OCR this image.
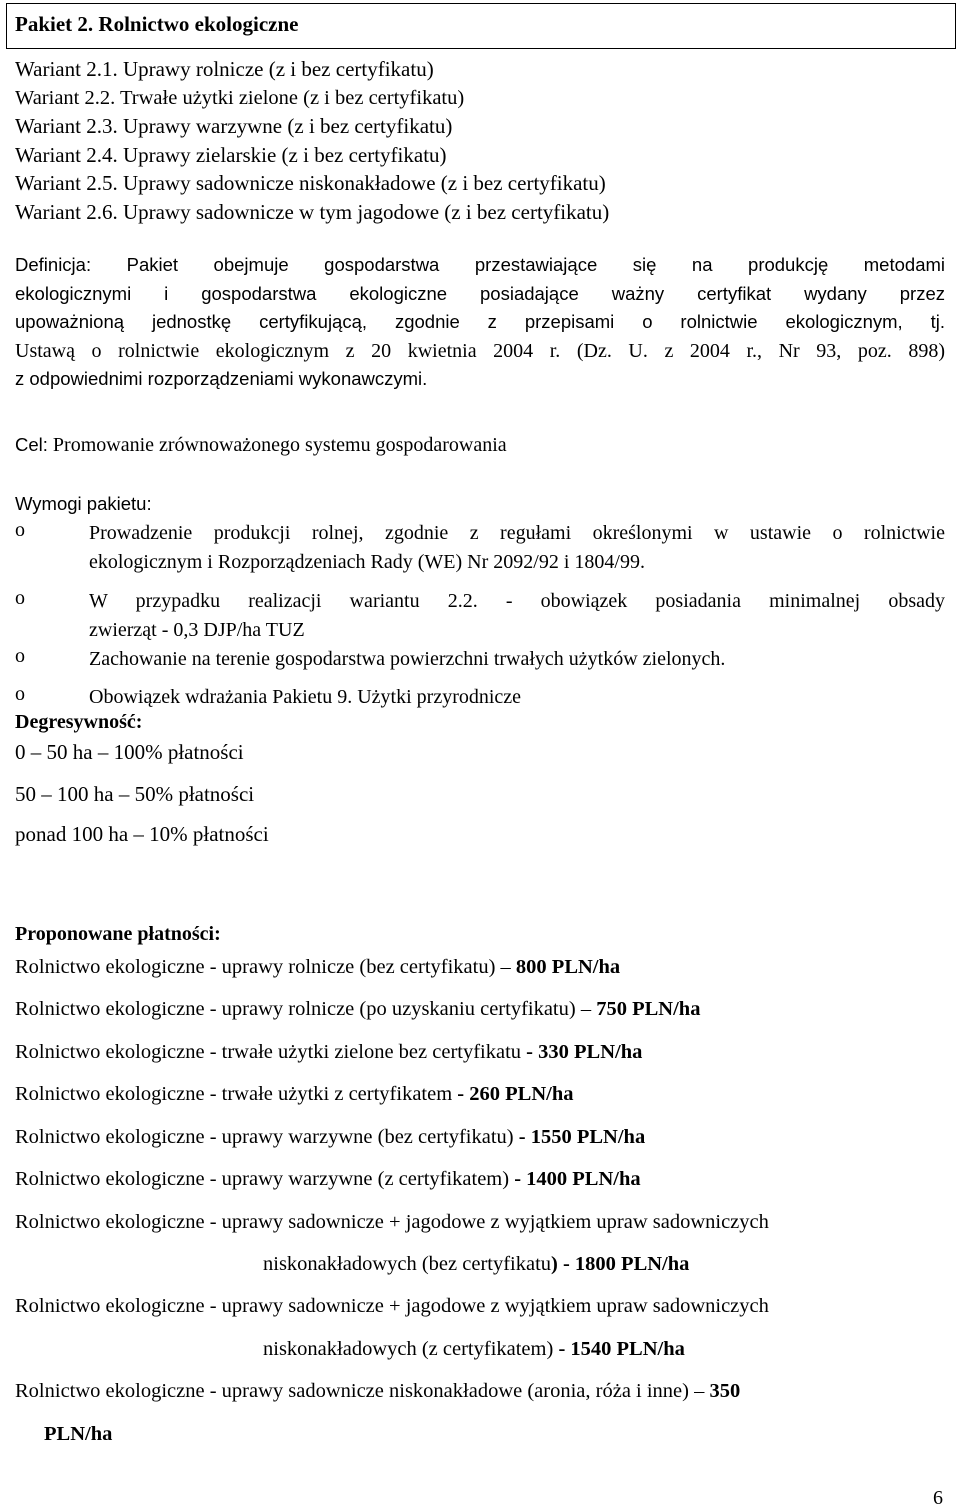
Pakiet 2. Rolnictwo ekologiczne
Wariant 2.1. Uprawy rolnicze (z i bez certyfikatu)
Wariant 2.2. Trwałe użytki zielone (z i bez certyfikatu)
Wariant 2.3. Uprawy warzywne (z i bez certyfikatu)
Wariant 2.4. Uprawy zielarskie (z i bez certyfikatu)
Wariant 2.5. Uprawy sadownicze niskonakładowe (z i bez certyfikatu)
Wariant 2.6. Uprawy sadownicze w tym jagodowe (z i bez certyfikatu)
Definicja: Pakiet obejmuje gospodarstwa przestawiające się na produkcję metodami
ekologicznymi i gospodarstwa ekologiczne posiadające ważny certyfikat wydany przez
upoważnioną jednostkę certyfikującą, zgodnie z przepisami o rolnictwie ekologicznym, tj.
Ustawą o rolnictwie ekologicznym z 20 kwietnia 2004 r. (Dz. U. z 2004 r., Nr 93, poz. 898)
z odpowiednimi rozporządzeniami wykonawczymi.
Cel: Promowanie zrównoważonego systemu gospodarowania
Wymogi pakietu:
o	Prowadzenie produkcji rolnej, zgodnie z regułami określonymi w ustawie o rolnictwie
ekologicznym i Rozporządzeniach Rady (WE) Nr 2092/92 i 1804/99.
o	W przypadku realizacji wariantu 2.2. - obowiązek posiadania minimalnej obsady
zwierząt - 0,3 DJP/ha TUZ
o	Zachowanie na terenie gospodarstwa powierzchni trwałych użytków zielonych.
o	Obowiązek wdrażania Pakietu 9. Użytki przyrodnicze
Degresywność:
0 – 50 ha – 100% płatności
50 – 100 ha – 50% płatności
ponad 100 ha – 10% płatności
Proponowane płatności:
Rolnictwo ekologiczne - uprawy rolnicze (bez certyfikatu) – 800 PLN/ha
Rolnictwo ekologiczne - uprawy rolnicze (po uzyskaniu certyfikatu) – 750 PLN/ha
Rolnictwo ekologiczne - trwałe użytki zielone bez certyfikatu - 330 PLN/ha
Rolnictwo ekologiczne - trwałe użytki z certyfikatem - 260 PLN/ha
Rolnictwo ekologiczne - uprawy warzywne (bez certyfikatu) - 1550 PLN/ha
Rolnictwo ekologiczne - uprawy warzywne (z certyfikatem) - 1400 PLN/ha
Rolnictwo ekologiczne - uprawy sadownicze + jagodowe z wyjątkiem upraw sadowniczych
niskonakładowych (bez certyfikatu) - 1800 PLN/ha
Rolnictwo ekologiczne - uprawy sadownicze + jagodowe z wyjątkiem upraw sadowniczych
niskonakładowych (z certyfikatem) - 1540 PLN/ha
Rolnictwo ekologiczne - uprawy sadownicze niskonakładowe (aronia, róża i inne) – 350
PLN/ha
6
